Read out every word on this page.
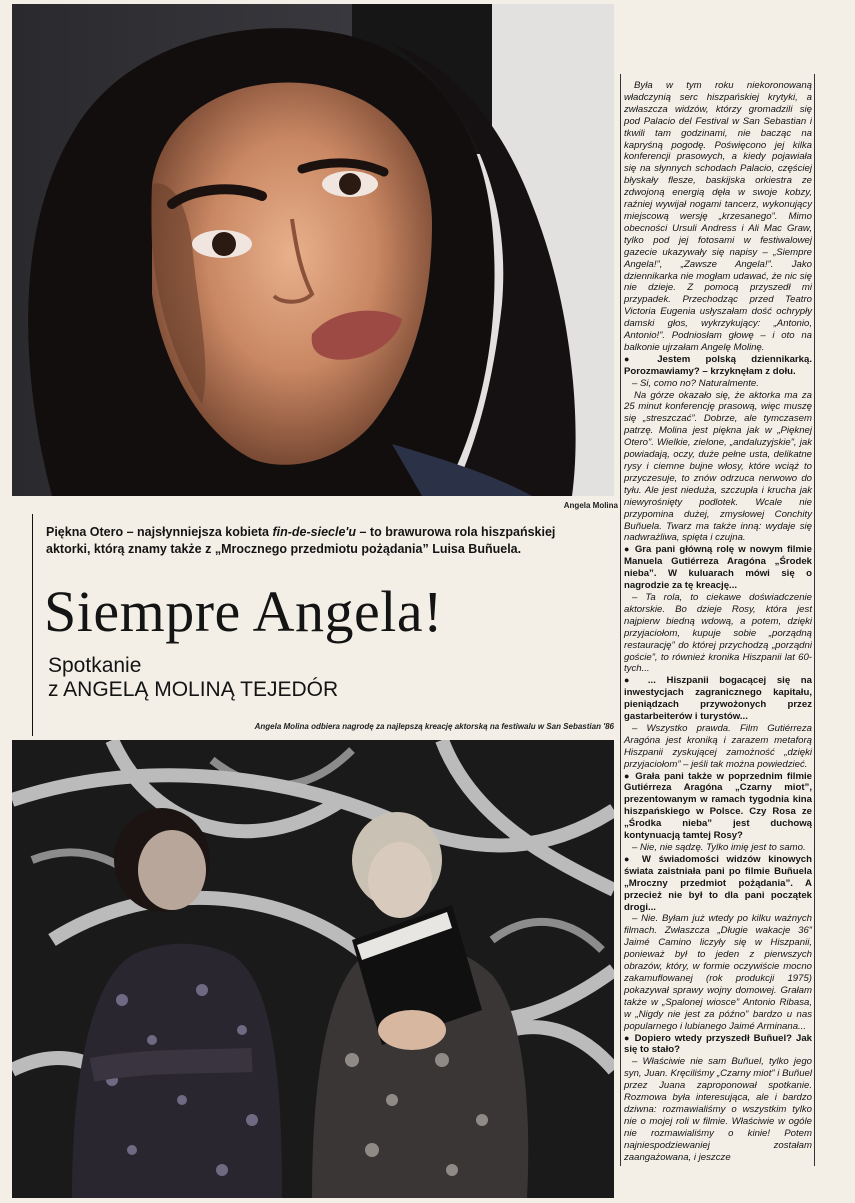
Angela Molina
Piękna Otero – najsłynniejsza kobieta fin-de-siecle'u – to brawurowa rola hiszpańskiej aktorki, którą znamy także z „Mrocznego przedmiotu pożądania” Luisa Buñuela.
Siempre Angela!
Spotkanie
z ANGELĄ MOLINĄ TEJEDÓR
Angela Molina odbiera nagrodę za najlepszą kreację aktorską na festiwalu w San Sebastian '86

Była w tym roku niekoronowaną władczynią serc hiszpańskiej krytyki, a zwłaszcza widzów, którzy gromadzili się pod Palacio del Festival w San Sebastian i tkwili tam godzinami, nie bacząc na kapryśną pogodę. Poświęcono jej kilka konferencji prasowych, a kiedy pojawiała się na słynnych schodach Palacio, częściej błyskały flesze, baskijska orkiestra ze zdwojoną energią dęła w swoje kobzy, raźniej wywijał nogami tancerz, wykonujący miejscową wersję „krzesanego”. Mimo obecności Ursuli Andress i Ali Mac Graw, tylko pod jej fotosami w festiwalowej gazecie ukazywały się napisy – „Siempre Angela!”, „Zawsze Angela!”. Jako dziennikarka nie mogłam udawać, że nic się nie dzieje. Z pomocą przyszedł mi przypadek. Przechodząc przed Teatro Victoria Eugenia usłyszałam dość ochrypły damski głos, wykrzykujący: „Antonio, Antonio!”. Podniosłam głowę – i oto na balkonie ujrzałam Angelę Molinę.

● Jestem polską dziennikarką. Porozmawiamy? – krzyknęłam z dołu.

– Si, como no? Naturalmente.

Na górze okazało się, że aktorka ma za 25 minut konferencję prasową, więc muszę się „streszczać”. Dobrze, ale tymczasem patrzę. Molina jest piękna jak w „Pięknej Otero”. Wielkie, zielone, „andaluzyjskie”, jak powiadają, oczy, duże pełne usta, delikatne rysy i ciemne bujne włosy, które wciąż to przyczesuje, to znów odrzuca nerwowo do tyłu. Ale jest nieduża, szczupła i krucha jak niewyrośnięty podlotek. Wcale nie przypomina dużej, zmysłowej Conchity Buñuela. Twarz ma także inną: wydaje się nadwrażliwa, spięta i czujna.

● Gra pani główną rolę w nowym filmie Manuela Gutiérreza Aragóna „Środek nieba”. W kuluarach mówi się o nagrodzie za tę kreację...

– Ta rola, to ciekawe doświadczenie aktorskie. Bo dzieje Rosy, która jest najpierw biedną wdową, a potem, dzięki przyjaciołom, kupuje sobie „porządną restaurację” do której przychodzą „porządni goście”, to również kronika Hiszpanii lat 60-tych...

● ... Hiszpanii bogacącej się na inwestycjach zagranicznego kapitału, pieniądzach przywożonych przez gastarbeiterów i turystów...

– Wszystko prawda. Film Gutiérreza Aragóna jest kroniką i zarazem metaforą Hiszpanii zyskującej zamożność „dzięki przyjaciołom” – jeśli tak można powiedzieć.

● Grała pani także w poprzednim filmie Gutiérreza Aragóna „Czarny miot”, prezentowanym w ramach tygodnia kina hiszpańskiego w Polsce. Czy Rosa ze „Środka nieba” jest duchową kontynuacją tamtej Rosy?

– Nie, nie sądzę. Tylko imię jest to samo.

● W świadomości widzów kinowych świata zaistniała pani po filmie Buñuela „Mroczny przedmiot pożądania”. A przecież nie był to dla pani początek drogi...

– Nie. Byłam już wtedy po kilku ważnych filmach. Zwłaszcza „Długie wakacje 36” Jaimé Camino liczyły się w Hiszpanii, ponieważ był to jeden z pierwszych obrazów, który, w formie oczywiście mocno zakamuflowanej (rok produkcji 1975) pokazywał sprawy wojny domowej. Grałam także w „Spalonej wiosce” Antonio Ribasa, w „Nigdy nie jest za późno” bardzo u nas popularnego i lubianego Jaimé Arminana...

● Dopiero wtedy przyszedł Buñuel? Jak się to stało?

– Właściwie nie sam Buñuel, tylko jego syn, Juan. Kręciliśmy „Czarny miot” i Buñuel przez Juana zaproponował spotkanie. Rozmowa była interesująca, ale i bardzo dziwna: rozmawialiśmy o wszystkim tylko nie o mojej roli w filmie. Właściwie w ogóle nie rozmawialiśmy o kinie! Potem najniespodziewaniej zostałam zaangażowana, i jeszcze
